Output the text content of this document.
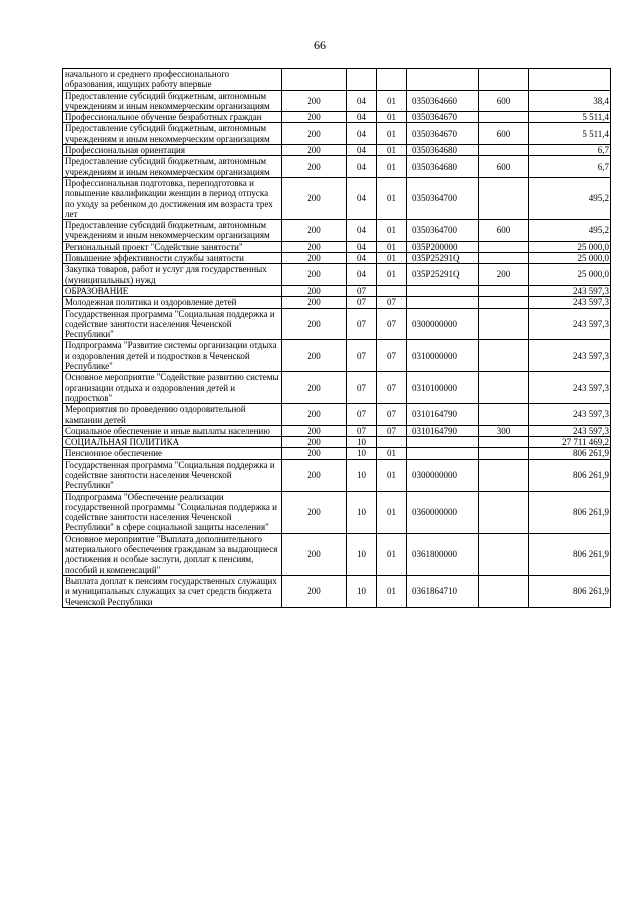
66
начального и среднего профессионального образования, ищущих работу впервые						
Предоставление субсидий бюджетным, автономным учреждениям и иным некоммерческим организациям	200	04	01	0350364660	600	38,4
Профессиональное обучение безработных граждан	200	04	01	0350364670		5 511,4
Предоставление субсидий бюджетным, автономным учреждениям и иным некоммерческим организациям	200	04	01	0350364670	600	5 511,4
Профессиональная ориентация	200	04	01	0350364680		6,7
Предоставление субсидий бюджетным, автономным учреждениям и иным некоммерческим организациям	200	04	01	0350364680	600	6,7
Профессиональная подготовка, переподготовка и повышение квалификации женщин в период отпуска по уходу за ребенком до достижения им возраста трех лет	200	04	01	0350364700		495,2
Предоставление субсидий бюджетным, автономным учреждениям и иным некоммерческим организациям	200	04	01	0350364700	600	495,2
Региональный проект "Содействие занятости"	200	04	01	035P200000		25 000,0
Повышение эффективности службы занятости	200	04	01	035P25291Q		25 000,0
Закупка товаров, работ и услуг для государственных (муниципальных) нужд	200	04	01	035P25291Q	200	25 000,0
ОБРАЗОВАНИЕ	200	07				243 597,3
Молодежная политика и оздоровление детей	200	07	07			243 597,3
Государственная программа "Социальная поддержка и содействие занятости населения Чеченской Республики"	200	07	07	0300000000		243 597,3
Подпрограмма "Развитие системы организации отдыха и оздоровления детей и подростков в Чеченской Республике"	200	07	07	0310000000		243 597,3
Основное мероприятие "Содействие развитию системы организации отдыха и оздоровления детей и подростков"	200	07	07	0310100000		243 597,3
Мероприятия по проведению оздоровительной кампании детей	200	07	07	0310164790		243 597,3
Социальное обеспечение и иные выплаты населению	200	07	07	0310164790	300	243 597,3
СОЦИАЛЬНАЯ ПОЛИТИКА	200	10				27 711 469,2
Пенсионное обеспечение	200	10	01			806 261,9
Государственная программа "Социальная поддержка и содействие занятости населения Чеченской Республики"	200	10	01	0300000000		806 261,9
Подпрограмма "Обеспечение реализации государственной программы "Социальная поддержка и содействие занятости населения Чеченской Республики" в сфере социальной защиты населения"	200	10	01	0360000000		806 261,9
Основное мероприятие "Выплата дополнительного материального обеспечения гражданам за выдающиеся достижения и особые заслуги, доплат к пенсиям, пособий и компенсаций"	200	10	01	0361800000		806 261,9
Выплата доплат к пенсиям государственных служащих и муниципальных служащих за счет средств бюджета Чеченской Республики	200	10	01	0361864710		806 261,9
